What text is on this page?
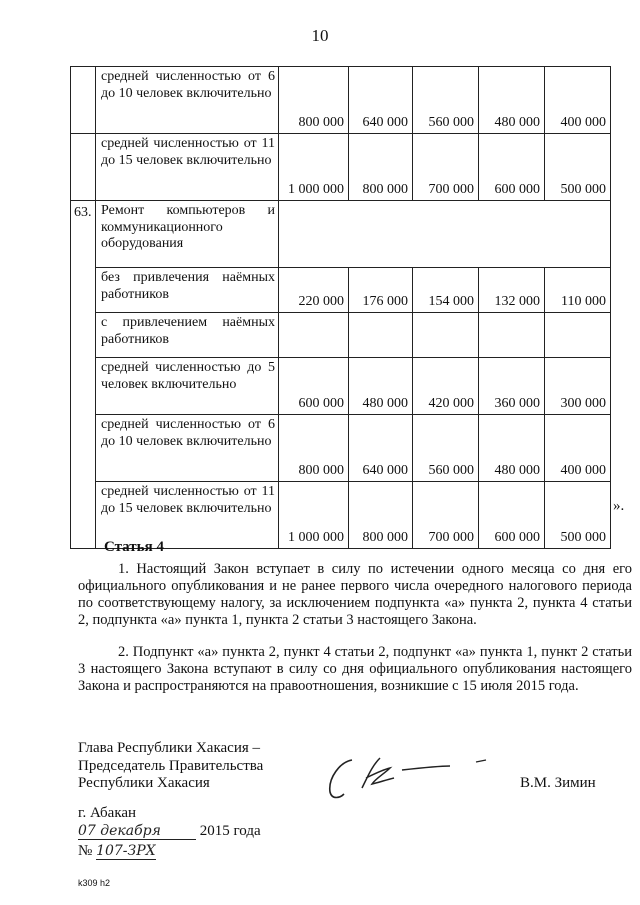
10
	средней численностью от 6 до 10 человек включительно	800 000	640 000	560 000	480 000	400 000
	средней численностью от 11 до 15 человек включительно	1 000 000	800 000	700 000	600 000	500 000
63.	Ремонт компьютеров и коммуникационного оборудования					
	без привлечения наёмных работников	220 000	176 000	154 000	132 000	110 000
	с привлечением наёмных работников					
	средней численностью до 5 человек включительно	600 000	480 000	420 000	360 000	300 000
	средней численностью от 6 до 10 человек включительно	800 000	640 000	560 000	480 000	400 000
	средней численностью от 11 до 15 человек включительно	1 000 000	800 000	700 000	600 000	500 000
».
Статья 4

1. Настоящий Закон вступает в силу по истечении одного месяца со дня его официального опубликования и не ранее первого числа очередного налогового периода по соответствующему налогу, за исключением подпункта «а» пункта 2, пункта 4 статьи 2, подпункта «а» пункта 1, пункта 2 статьи 3 настоящего Закона.

2. Подпункт «а» пункта 2, пункт 4 статьи 2, подпункт «а» пункта 1, пункт 2 статьи 3 настоящего Закона вступают в силу со дня официального опубликования настоящего Закона и распространяются на правоотношения, возникшие с 15 июля 2015 года.

Глава Республики Хакасия –
Председатель Правительства
Республики Хакасия	В.М. Зимин
г. Абакан
07 декабря	2015 года
№ 107-ЗРХ
k309 h2
